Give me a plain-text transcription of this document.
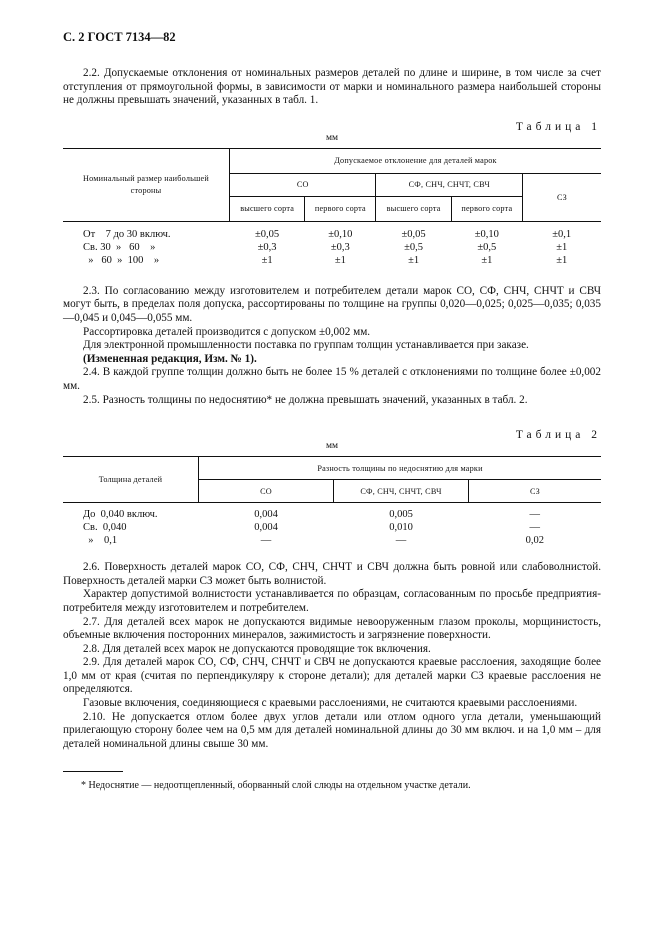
С. 2 ГОСТ 7134—82

2.2. Допускаемые отклонения от номинальных размеров деталей по длине и ширине, в том числе за счет отступления от прямоугольной формы, в зависимости от марки и номинального размера наибольшей стороны не должны превышать значений, указанных в табл. 1.

Таблица 1
мм
Номинальный размер наибольшей стороны	Допускаемое отклонение для деталей марок				
	СО		СФ, СНЧ, СНЧТ, СВЧ		СЗ
	высшего сорта	первого сорта	высшего сорта	первого сорта	

От    7 до 30 включ.	±0,05	±0,10	±0,05	±0,10	±0,1
Св. 30  »   60    »	±0,3	±0,3	±0,5	±0,5	±1
»   60  »  100    »	±1	±1	±1	±1	±1

2.3. По согласованию между изготовителем и потребителем детали марок СО, СФ, СНЧ, СНЧТ и СВЧ могут быть, в пределах поля допуска, рассортированы по толщине на группы 0,020—0,025; 0,025—0,035; 0,035—0,045 и 0,045—0,055 мм.

Рассортировка деталей производится с допуском ±0,002 мм.

Для электронной промышленности поставка по группам толщин устанавливается при заказе.

(Измененная редакция, Изм. № 1).

2.4. В каждой группе толщин должно быть не более 15 % деталей с отклонениями по толщине более ±0,002 мм.

2.5. Разность толщины по недоснятию* не должна превышать значений, указанных в табл. 2.

Таблица 2
мм
Толщина деталей	Разность толщины по недоснятию для марки		
	СО	СФ, СНЧ, СНЧТ, СВЧ	СЗ

До  0,040 включ.	0,004	0,005	—
Св.  0,040	0,004	0,010	—
»    0,1	—	—	0,02

2.6. Поверхность деталей марок СО, СФ, СНЧ, СНЧТ и СВЧ должна быть ровной или слабоволнистой. Поверхность деталей марки СЗ может быть волнистой.

Характер допустимой волнистости устанавливается по образцам, согласованным по просьбе предприятия-потребителя между изготовителем и потребителем.

2.7. Для деталей всех марок не допускаются видимые невооруженным глазом проколы, морщинистость, объемные включения посторонних минералов, зажимистость и загрязнение поверхности.

2.8. Для деталей всех марок не допускаются проводящие ток включения.

2.9. Для деталей марок СО, СФ, СНЧ, СНЧТ и СВЧ не допускаются краевые расслоения, заходящие более 1,0 мм от края (считая по перпендикуляру к стороне детали); для деталей марки СЗ краевые расслоения не определяются.

Газовые включения, соединяющиеся с краевыми расслоениями, не считаются краевыми расслоениями.

2.10. Не допускается отлом более двух углов детали или отлом одного угла детали, уменьшающий прилегающую сторону более чем на 0,5 мм для деталей номинальной длины до 30 мм включ. и на 1,0 мм – для деталей номинальной длины свыше 30 мм.

* Недоснятие — недоотщепленный, оборванный слой слюды на отдельном участке детали.
